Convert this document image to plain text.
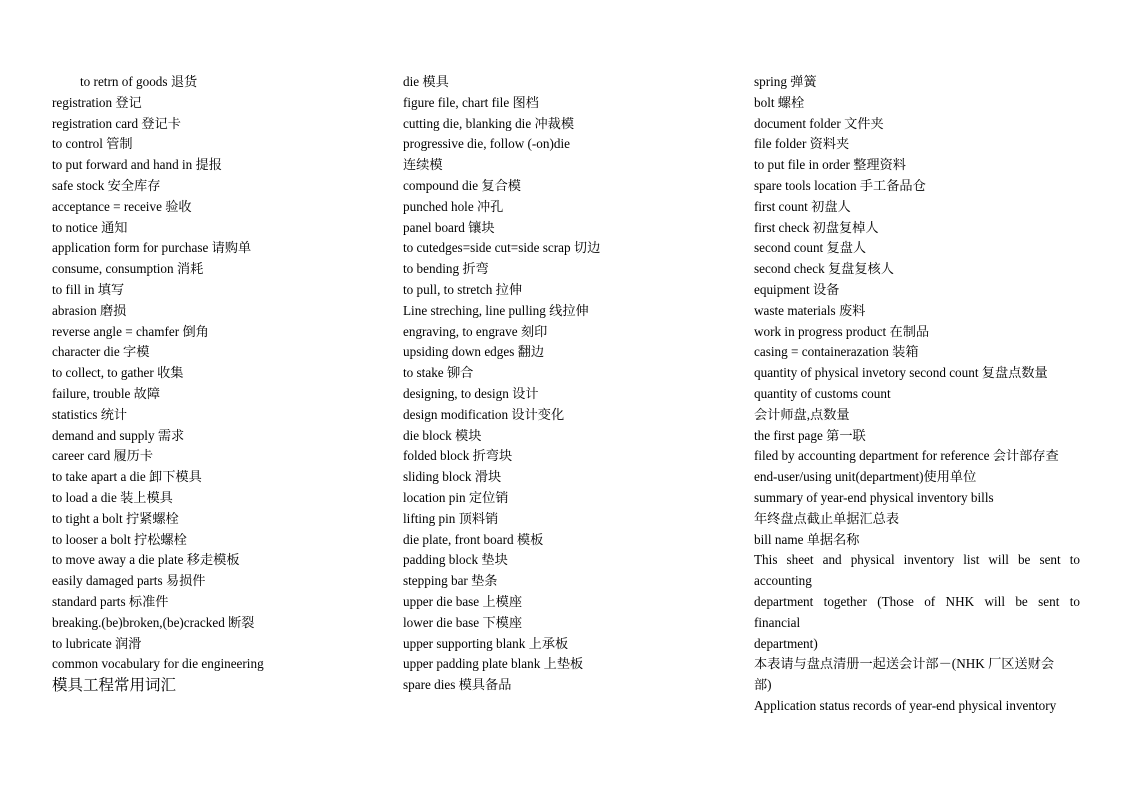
to retrn of goods 退货
registration 登记
registration card 登记卡
to control 管制
to put forward and hand in 提报
safe stock 安全库存
acceptance = receive 验收
to notice 通知
application form for purchase 请购单
consume, consumption 消耗
to fill in 填写
abrasion 磨损
reverse angle = chamfer 倒角
character die 字模
to collect, to gather 收集
failure, trouble 故障
statistics 统计
demand and supply 需求
career card 履历卡
to take apart a die 卸下模具
to load a die 装上模具
to tight a bolt 拧紧螺栓
to looser a bolt 拧松螺栓
to move away a die plate 移走模板
easily damaged parts 易损件
standard parts 标准件
breaking.(be)broken,(be)cracked 断裂
to lubricate 润滑
common vocabulary for die engineering
模具工程常用词汇
die 模具
figure file, chart file 图档
cutting die, blanking die 冲裁模
progressive die, follow (-on)die
连续模
compound die 复合模
punched hole 冲孔
panel board 镶块
to cutedges=side cut=side scrap 切边
to bending 折弯
to pull, to stretch 拉伸
Line streching, line pulling 线拉伸
engraving, to engrave 刻印
upsiding down edges 翻边
to stake 铆合
designing, to design 设计
design modification 设计变化
die block 模块
folded block 折弯块
sliding block 滑块
location pin 定位销
lifting pin 顶料销
die plate, front board 模板
padding block 垫块
stepping bar 垫条
upper die base 上模座
lower die base 下模座
upper supporting blank 上承板
upper padding plate blank 上垫板
spare dies 模具备品
spring 弹簧
bolt 螺栓
document folder 文件夹
file folder 资料夹
to put file in order 整理资料
spare tools location 手工备品仓
first count 初盘人
first check 初盘复棹人
second count 复盘人
second check 复盘复核人
equipment 设备
waste materials 废料
work in progress product 在制品
casing = containerazation 装箱
quantity of physical invetory second count 复盘点数量
quantity of customs count
会计师盘,点数量
the first page 第一联
filed by accounting department for reference 会计部存查
end-user/using unit(department)使用单位
summary of year-end physical inventory bills
年终盘点截止单据汇总表
bill name 单据名称
This sheet and physical inventory list will be sent to
accounting
department together (Those of NHK will be sent to
financial
department)
本表请与盘点清册一起送会计部－(NHK 厂区送财会
部)
Application status records of year-end physical inventory
